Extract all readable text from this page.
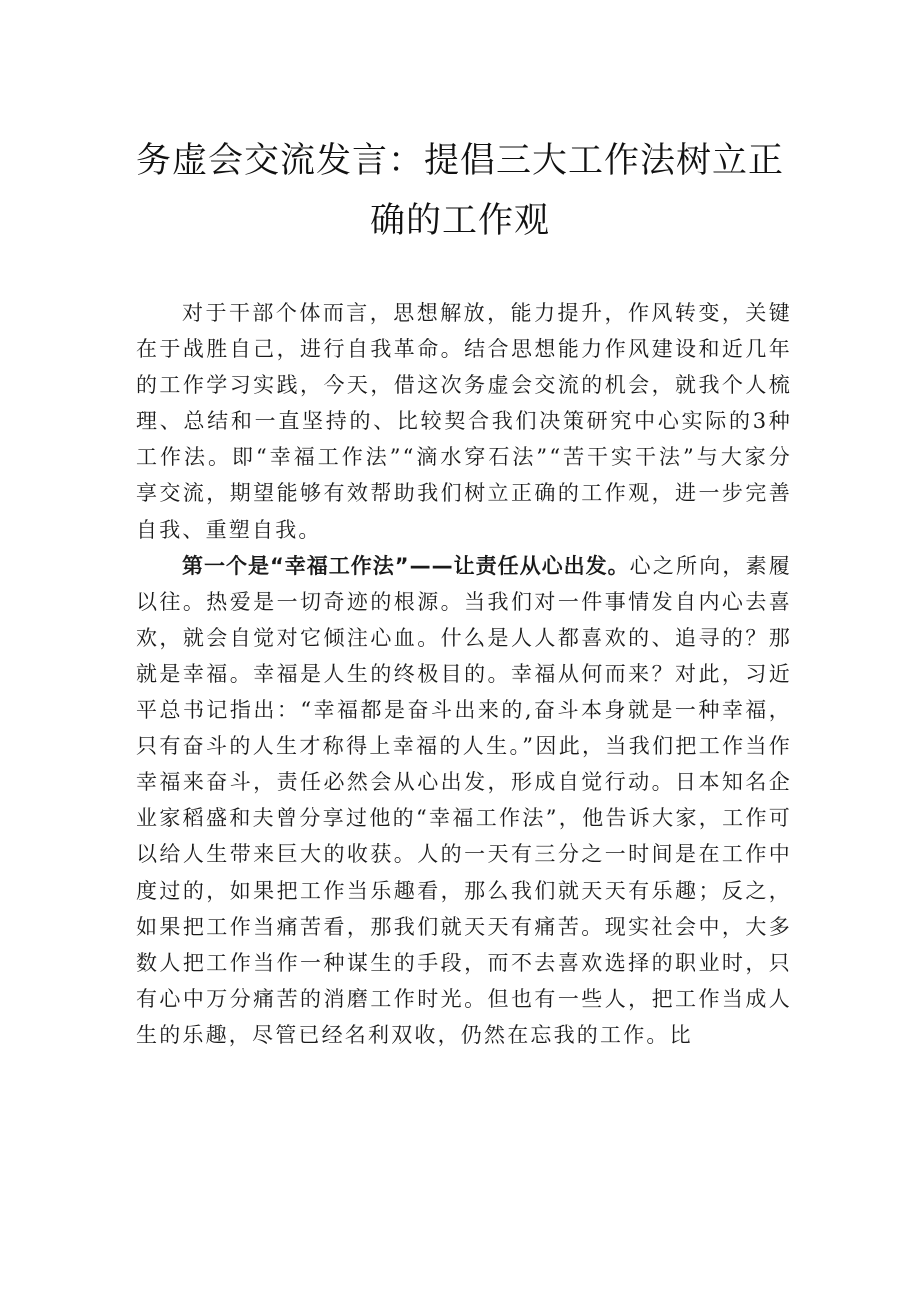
务虚会交流发言：提倡三大工作法树立正
确的工作观

对于干部个体而言，思想解放，能力提升，作风转变，关键在于战胜自己，进行自我革命。结合思想能力作风建设和近几年的工作学习实践，今天，借这次务虚会交流的机会，就我个人梳理、总结和一直坚持的、比较契合我们决策研究中心实际的3种工作法。即“幸福工作法”“滴水穿石法”“苦干实干法”与大家分享交流，期望能够有效帮助我们树立正确的工作观，进一步完善自我、重塑自我。

第一个是“幸福工作法”——让责任从心出发。心之所向，素履以往。热爱是一切奇迹的根源。当我们对一件事情发自内心去喜欢，就会自觉对它倾注心血。什么是人人都喜欢的、追寻的？那就是幸福。幸福是人生的终极目的。幸福从何而来？对此，习近平总书记指出：“幸福都是奋斗出来的,奋斗本身就是一种幸福，只有奋斗的人生才称得上幸福的人生。”因此，当我们把工作当作幸福来奋斗，责任必然会从心出发，形成自觉行动。日本知名企业家稻盛和夫曾分享过他的“幸福工作法”，他告诉大家，工作可以给人生带来巨大的收获。人的一天有三分之一时间是在工作中度过的，如果把工作当乐趣看，那么我们就天天有乐趣；反之，如果把工作当痛苦看，那我们就天天有痛苦。现实社会中，大多数人把工作当作一种谋生的手段，而不去喜欢选择的职业时，只有心中万分痛苦的消磨工作时光。但也有一些人，把工作当成人生的乐趣，尽管已经名利双收，仍然在忘我的工作。比
